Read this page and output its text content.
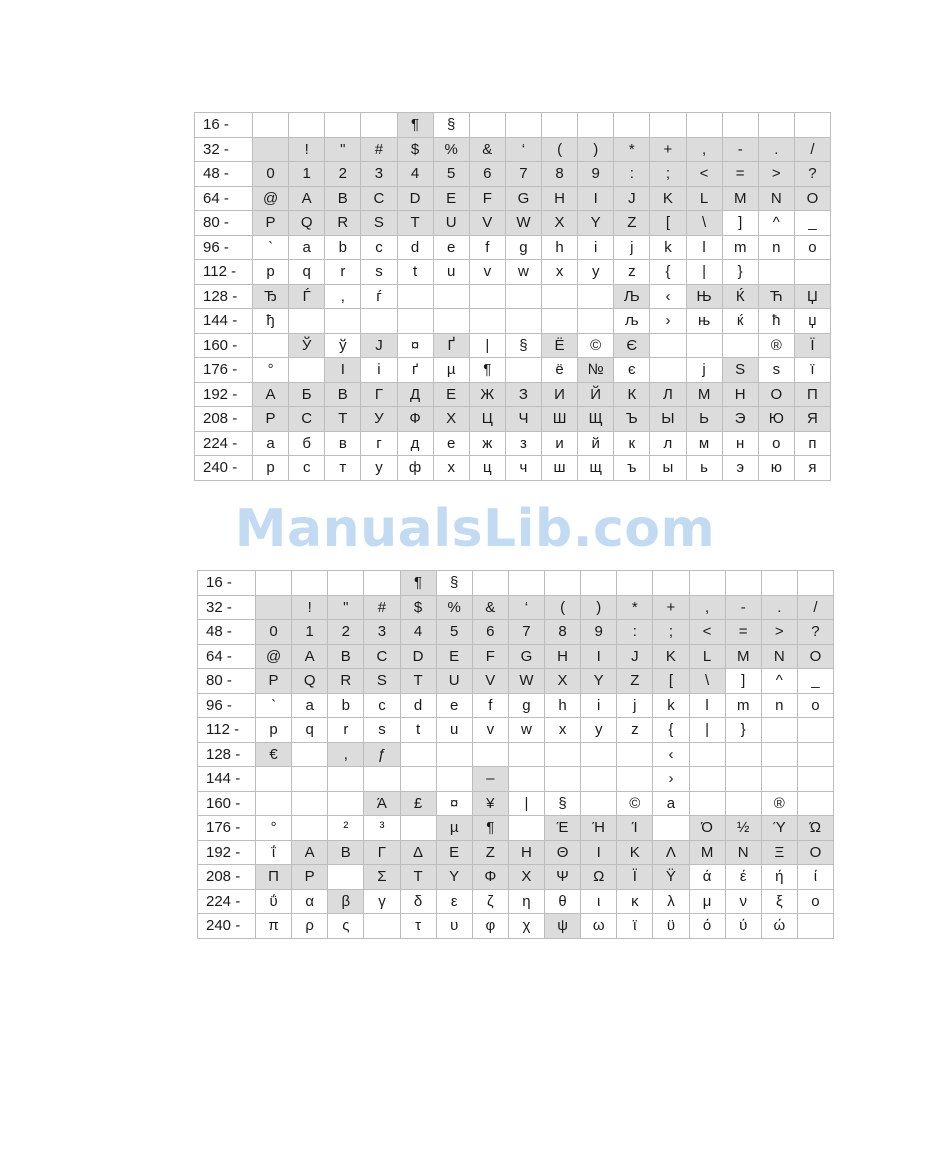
16 -					¶	§										
32 -		!	"	#	$	%	&	‘	(	)	*	+	,	-	.	/
48 -	0	1	2	3	4	5	6	7	8	9	:	;	<	=	>	?
64 -	@	A	B	C	D	E	F	G	H	I	J	K	L	M	N	O
80 -	P	Q	R	S	T	U	V	W	X	Y	Z	[	\	]	^	_
96 -	`	a	b	c	d	e	f	g	h	i	j	k	l	m	n	o
112 -	p	q	r	s	t	u	v	w	x	y	z	{	|	}		
128 -	Ђ	Ѓ	,	ѓ							Љ	‹	Њ	Ќ	Ћ	Џ
144 -	ђ										љ	›	њ	ќ	ћ	џ
160 -		Ў	ў	Ј	¤	Ґ	|	§	Ё	©	Є				®	Ї
176 -	°		І	і	ґ	µ	¶		ё	№	є		ј	Ѕ	ѕ	ї
192 -	А	Б	В	Г	Д	Е	Ж	З	И	Й	К	Л	М	Н	О	П
208 -	Р	С	Т	У	Ф	Х	Ц	Ч	Ш	Щ	Ъ	Ы	Ь	Э	Ю	Я
224 -	а	б	в	г	д	е	ж	з	и	й	к	л	м	н	о	п
240 -	р	с	т	у	ф	х	ц	ч	ш	щ	ъ	ы	ь	э	ю	я
ManualsLib.com
16 -					¶	§										
32 -		!	"	#	$	%	&	‘	(	)	*	+	,	-	.	/
48 -	0	1	2	3	4	5	6	7	8	9	:	;	<	=	>	?
64 -	@	A	B	C	D	E	F	G	H	I	J	K	L	M	N	O
80 -	P	Q	R	S	T	U	V	W	X	Y	Z	[	\	]	^	_
96 -	`	a	b	c	d	e	f	g	h	i	j	k	l	m	n	o
112 -	p	q	r	s	t	u	v	w	x	y	z	{	|	}		
128 -	€		,	ƒ								‹				
144 -							–					›				
160 -				Ά	£	¤	¥	|	§		©	a			®	
176 -	°		²	³		µ	¶		Έ	Ή	Ί		Ό	½	Ύ	Ώ
192 -	ΐ	Α	Β	Γ	Δ	Ε	Ζ	Η	Θ	Ι	Κ	Λ	Μ	Ν	Ξ	Ο
208 -	Π	Ρ		Σ	Τ	Υ	Φ	Χ	Ψ	Ω	Ϊ	Ϋ	ά	έ	ή	ί
224 -	ΰ	α	β	γ	δ	ε	ζ	η	θ	ι	κ	λ	μ	ν	ξ	ο
240 -	π	ρ	ς		τ	υ	φ	χ	ψ	ω	ϊ	ϋ	ό	ύ	ώ	
